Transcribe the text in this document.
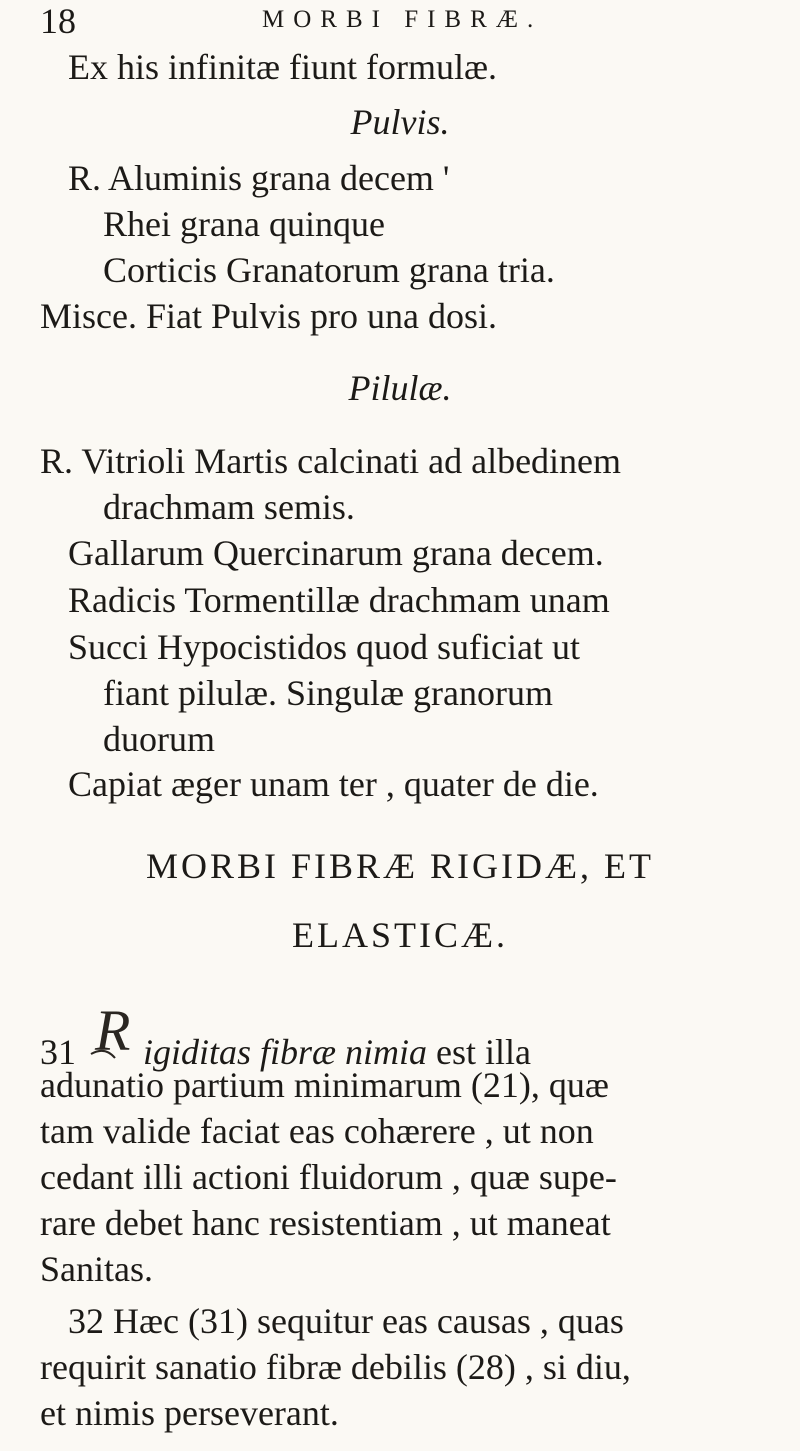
18	MORBI FIBRÆ.
Ex his infinitæ fiunt formulæ.
Pulvis.
R. Aluminis grana decem '
Rhei grana quinque
Corticis Granatorum grana tria.
Misce. Fiat Pulvis pro una dosi.
Pilulæ.
R. Vitrioli Martis calcinati ad albedinem
drachmam semis.
Gallarum Quercinarum grana decem.
Radicis Tormentillæ drachmam unam
Succi Hypocistidos quod suficiat ut
fiant pilulæ. Singulæ granorum
duorum
Capiat æger unam ter , quater de die.
MORBI FIBRÆ RIGIDÆ, ET
ELASTICÆ.
31 R igiditas fibræ nimia est illa
adunatio partium minimarum (21), quæ
tam valide faciat eas cohærere , ut non
cedant illi actioni fluidorum , quæ supe-
rare debet hanc resistentiam , ut maneat
Sanitas.
32 Hæc (31) sequitur eas causas , quas
requirit sanatio fibræ debilis (28) , si diu,
et nimis perseverant.
